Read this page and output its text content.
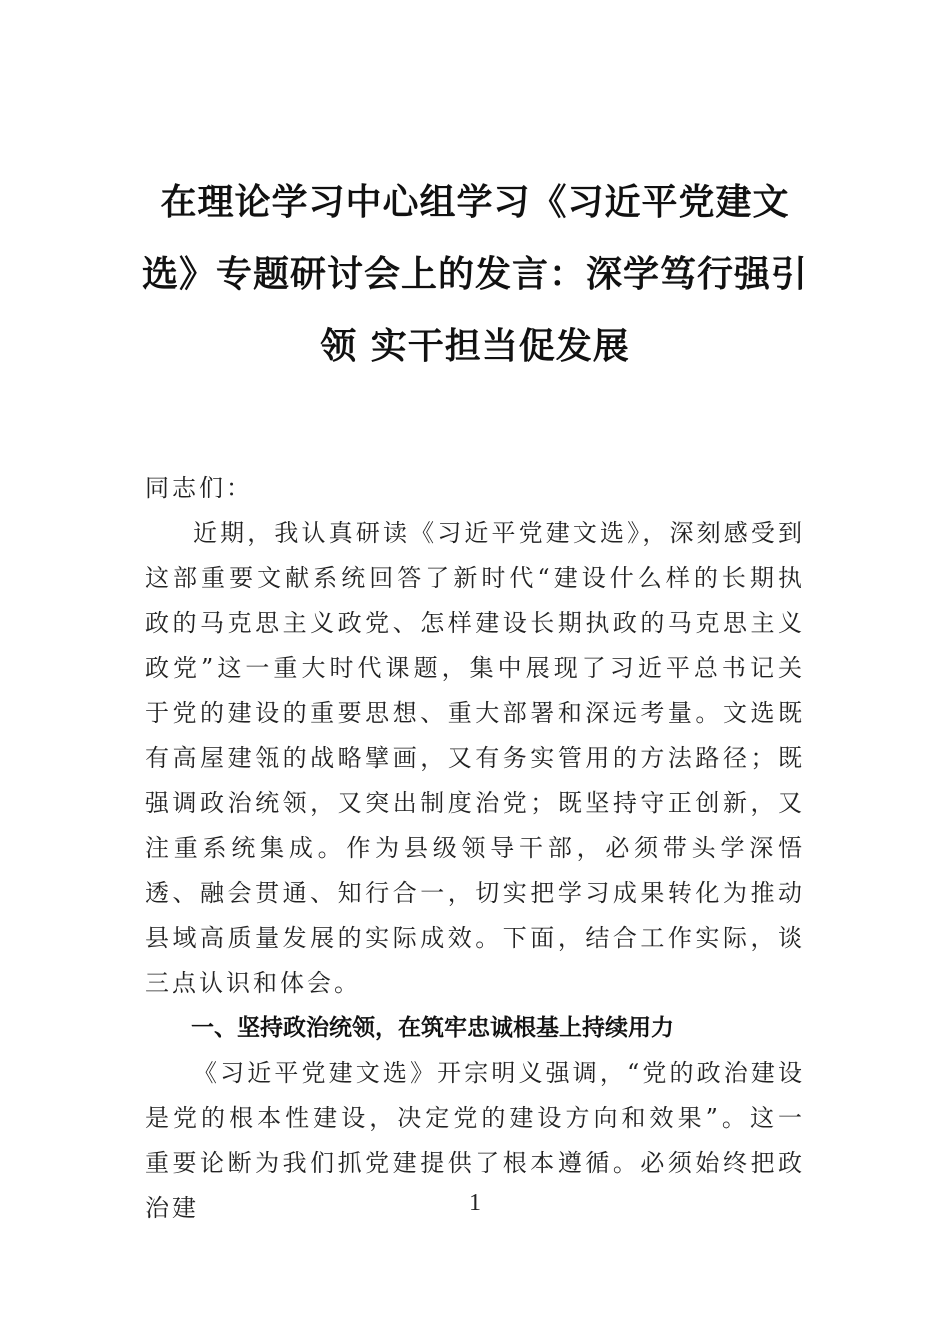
在理论学习中心组学习《习近平党建文选》专题研讨会上的发言：深学笃行强引领 实干担当促发展

同志们：

近期，我认真研读《习近平党建文选》，深刻感受到这部重要文献系统回答了新时代“建设什么样的长期执政的马克思主义政党、怎样建设长期执政的马克思主义政党”这一重大时代课题，集中展现了习近平总书记关于党的建设的重要思想、重大部署和深远考量。文选既有高屋建瓴的战略擘画，又有务实管用的方法路径；既强调政治统领，又突出制度治党；既坚持守正创新，又注重系统集成。作为县级领导干部，必须带头学深悟透、融会贯通、知行合一，切实把学习成果转化为推动县域高质量发展的实际成效。下面，结合工作实际，谈三点认识和体会。

一、坚持政治统领，在筑牢忠诚根基上持续用力

《习近平党建文选》开宗明义强调，“党的政治建设是党的根本性建设，决定党的建设方向和效果”。这一重要论断为我们抓党建提供了根本遵循。必须始终把政治建	1
